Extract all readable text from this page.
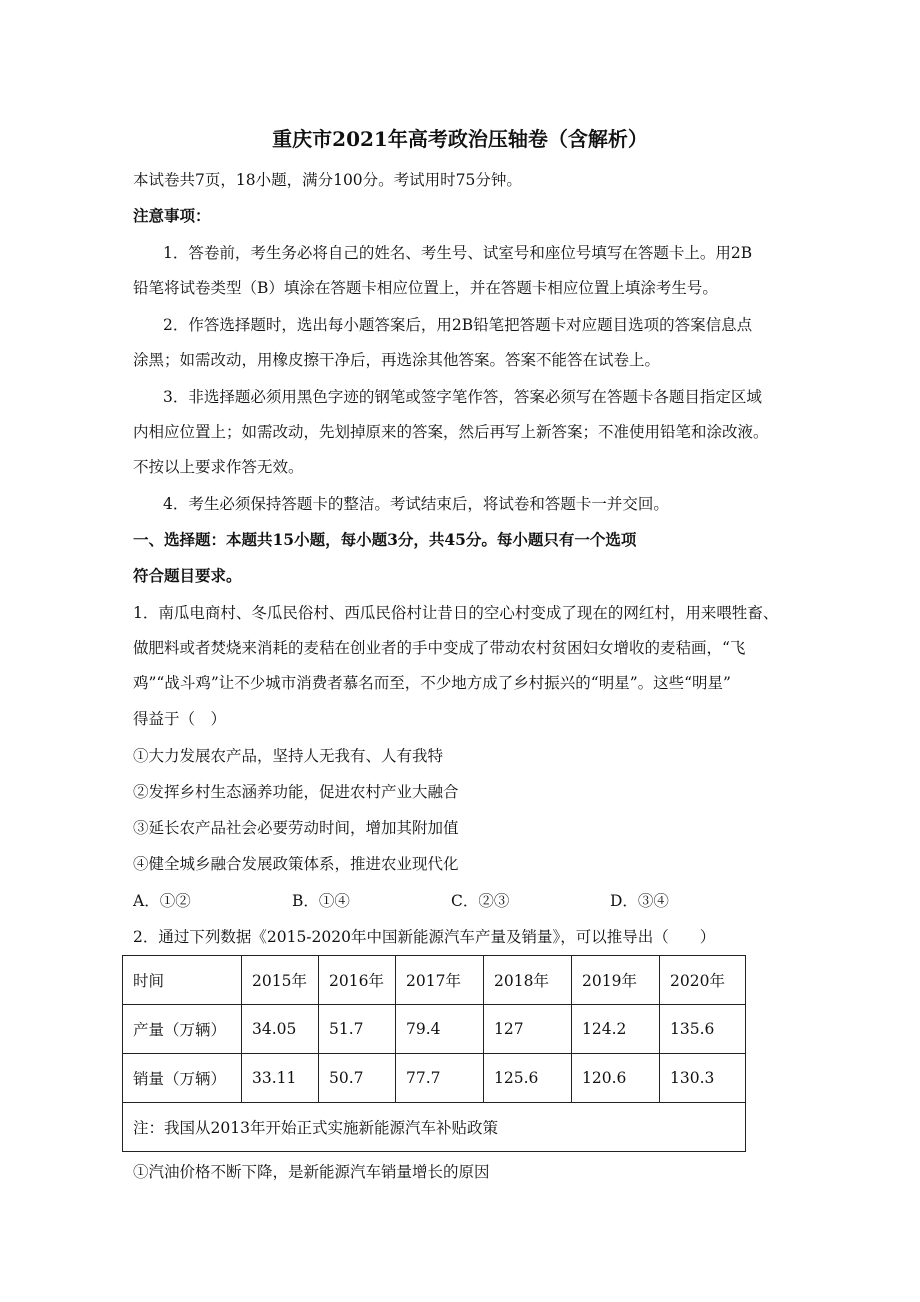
重庆市2021年高考政治压轴卷（含解析）
本试卷共7页，18小题，满分100分。考试用时75分钟。
注意事项：
1．答卷前，考生务必将自己的姓名、考生号、试室号和座位号填写在答题卡上。用2B
铅笔将试卷类型（B）填涂在答题卡相应位置上，并在答题卡相应位置上填涂考生号。
2．作答选择题时，选出每小题答案后，用2B铅笔把答题卡对应题目选项的答案信息点
涂黑；如需改动，用橡皮擦干净后，再选涂其他答案。答案不能答在试卷上。
3．非选择题必须用黑色字迹的钢笔或签字笔作答，答案必须写在答题卡各题目指定区域
内相应位置上；如需改动，先划掉原来的答案，然后再写上新答案；不准使用铅笔和涂改液。
不按以上要求作答无效。
4．考生必须保持答题卡的整洁。考试结束后，将试卷和答题卡一并交回。
一、选择题：本题共15小题，每小题3分，共45分。每小题只有一个选项
符合题目要求。
1．南瓜电商村、冬瓜民俗村、西瓜民俗村让昔日的空心村变成了现在的网红村，用来喂牲畜、
做肥料或者焚烧来消耗的麦秸在创业者的手中变成了带动农村贫困妇女增收的麦秸画，“飞
鸡”“战斗鸡”让不少城市消费者慕名而至，不少地方成了乡村振兴的“明星”。这些“明星”
得益于（　）
①大力发展农产品，坚持人无我有、人有我特
②发挥乡村生态涵养功能，促进农村产业大融合
③延长农产品社会必要劳动时间，增加其附加值
④健全城乡融合发展政策体系，推进农业现代化
A．①②	B．①④	C．②③	D．③④
2．通过下列数据《2015-2020年中国新能源汽车产量及销量》，可以推导出（　　）
时间	2015年	2016年	2017年	2018年	2019年	2020年
产量（万辆）	34.05	51.7	79.4	127	124.2	135.6
销量（万辆）	33.11	50.7	77.7	125.6	120.6	130.3
注：我国从2013年开始正式实施新能源汽车补贴政策						
①汽油价格不断下降，是新能源汽车销量增长的原因
